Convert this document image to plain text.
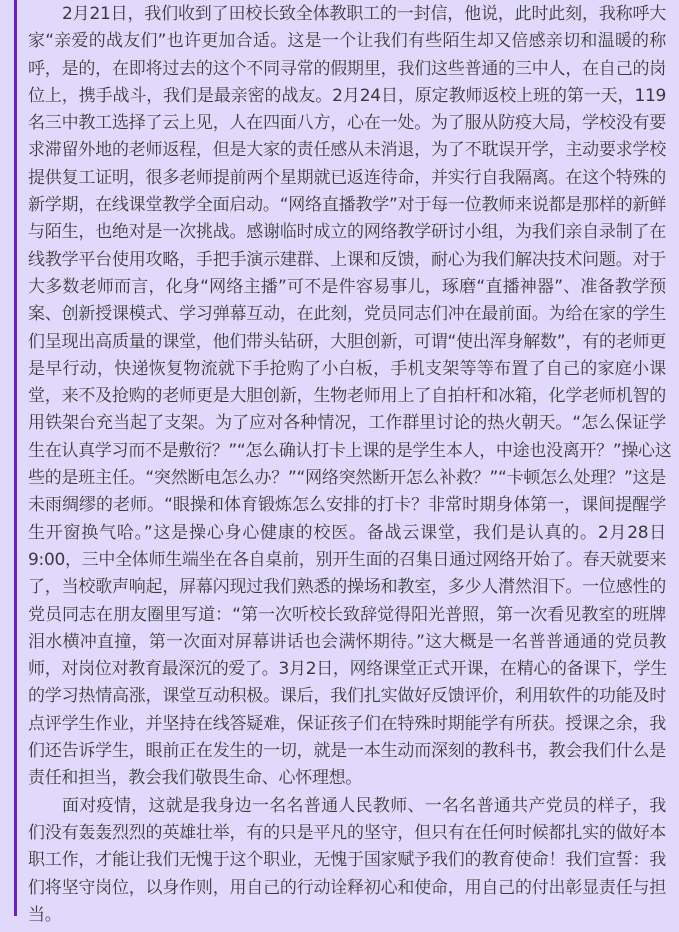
2月21日，我们收到了田校长致全体教职工的一封信，他说，此时此刻，我称呼大
家“亲爱的战友们”也许更加合适。这是一个让我们有些陌生却又倍感亲切和温暖的称
呼，是的，在即将过去的这个不同寻常的假期里，我们这些普通的三中人，在自己的岗
位上，携手战斗，我们是最亲密的战友。2月24日，原定教师返校上班的第一天，119
名三中教工选择了云上见，人在四面八方，心在一处。为了服从防疫大局，学校没有要
求滞留外地的老师返程，但是大家的责任感从未消退，为了不耽误开学，主动要求学校
提供复工证明，很多老师提前两个星期就已返连待命，并实行自我隔离。在这个特殊的
新学期，在线课堂教学全面启动。“网络直播教学”对于每一位教师来说都是那样的新鲜
与陌生，也绝对是一次挑战。感谢临时成立的网络教学研讨小组，为我们亲自录制了在
线教学平台使用攻略，手把手演示建群、上课和反馈，耐心为我们解决技术问题。对于
大多数老师而言，化身“网络主播”可不是件容易事儿，琢磨“直播神器”、准备教学预
案、创新授课模式、学习弹幕互动，在此刻，党员同志们冲在最前面。为给在家的学生
们呈现出高质量的课堂，他们带头钻研，大胆创新，可谓“使出浑身解数”，有的老师更
是早行动，快递恢复物流就下手抢购了小白板，手机支架等等布置了自己的家庭小课
堂，来不及抢购的老师更是大胆创新，生物老师用上了自拍杆和冰箱，化学老师机智的
用铁架台充当起了支架。为了应对各种情况，工作群里讨论的热火朝天。“怎么保证学
生在认真学习而不是敷衍？”“怎么确认打卡上课的是学生本人，中途也没离开？”操心这
些的是班主任。“突然断电怎么办？”“网络突然断开怎么补救？”“卡顿怎么处理？”这是
未雨绸缪的老师。“眼操和体育锻炼怎么安排的打卡？非常时期身体第一，课间提醒学
生开窗换气哈。”这是操心身心健康的校医。备战云课堂，我们是认真的。2月28日
9:00，三中全体师生端坐在各自桌前，别开生面的召集日通过网络开始了。春天就要来
了，当校歌声响起，屏幕闪现过我们熟悉的操场和教室，多少人潸然泪下。一位感性的
党员同志在朋友圈里写道：“第一次听校长致辞觉得阳光普照，第一次看见教室的班牌
泪水横冲直撞，第一次面对屏幕讲话也会满怀期待。”这大概是一名普普通通的党员教
师，对岗位对教育最深沉的爱了。3月2日，网络课堂正式开课，在精心的备课下，学生
的学习热情高涨，课堂互动积极。课后，我们扎实做好反馈评价，利用软件的功能及时
点评学生作业，并坚持在线答疑难，保证孩子们在特殊时期能学有所获。授课之余，我
们还告诉学生，眼前正在发生的一切，就是一本生动而深刻的教科书，教会我们什么是
责任和担当，教会我们敬畏生命、心怀理想。
面对疫情，这就是我身边一名名普通人民教师、一名名普通共产党员的样子，我
们没有轰轰烈烈的英雄壮举，有的只是平凡的坚守，但只有在任何时候都扎实的做好本
职工作，才能让我们无愧于这个职业，无愧于国家赋予我们的教育使命！我们宣誓：我
们将坚守岗位，以身作则，用自己的行动诠释初心和使命，用自己的付出彰显责任与担
当。
